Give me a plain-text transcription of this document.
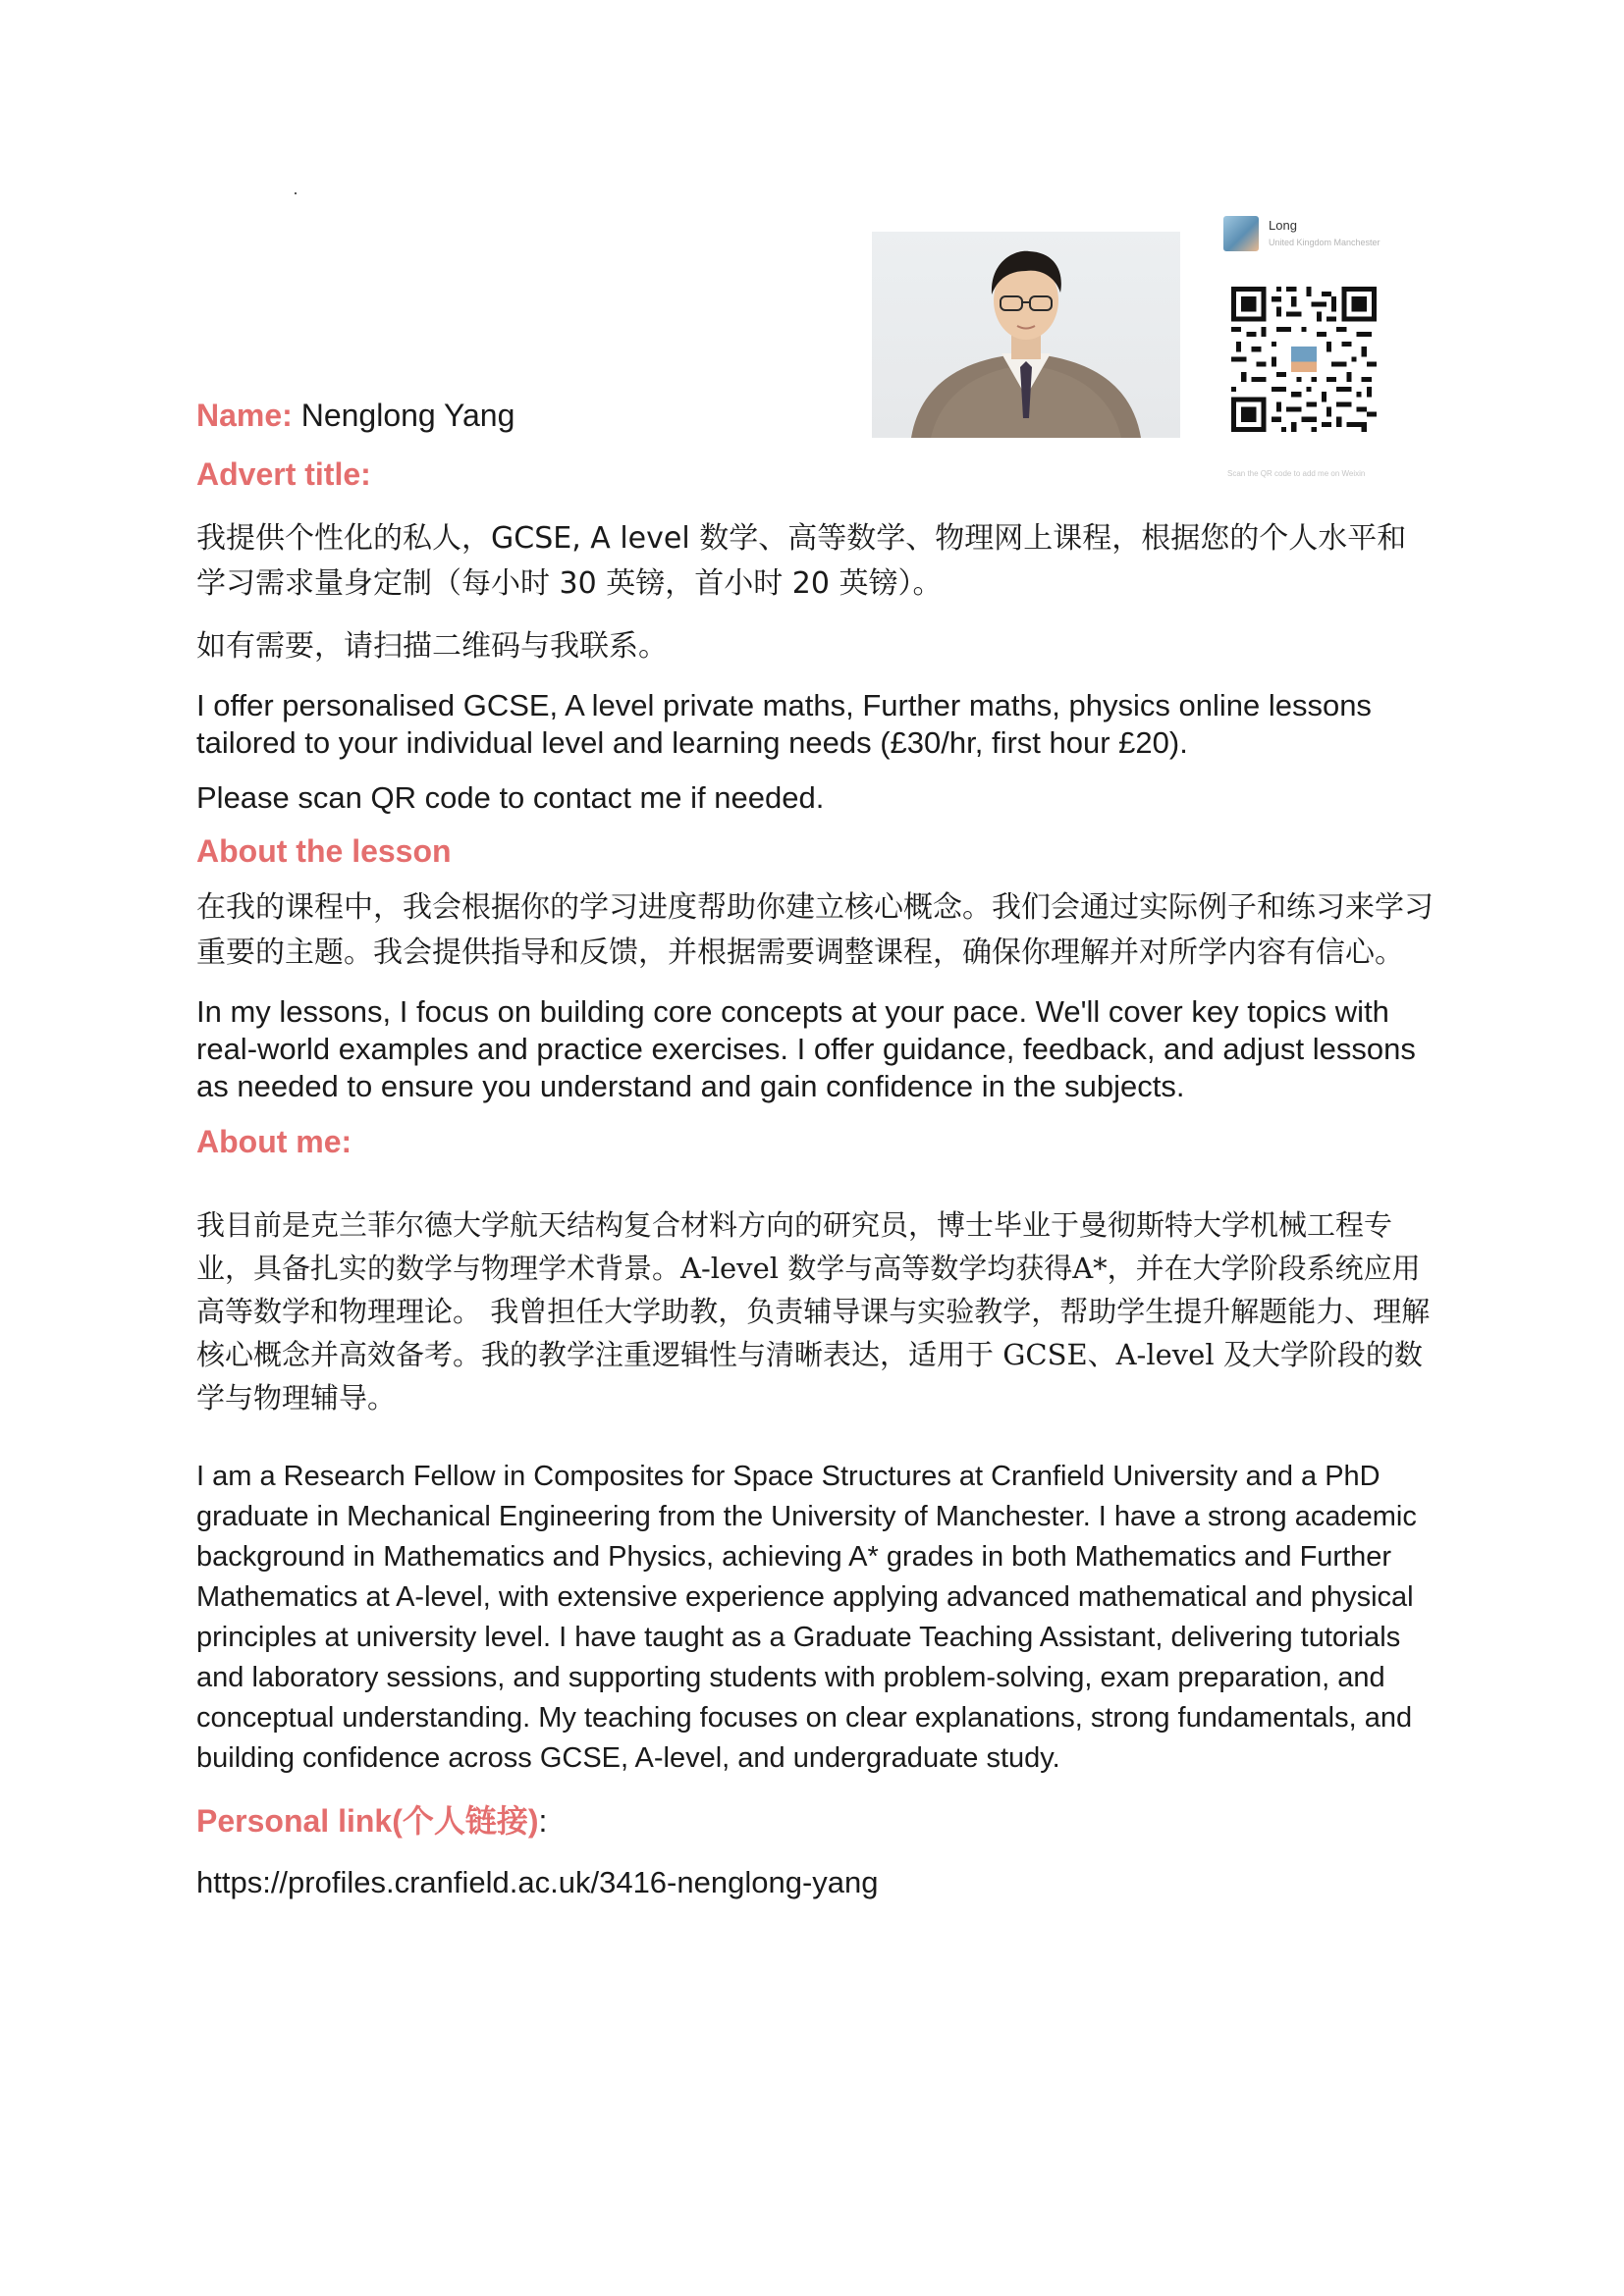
Long
United Kingdom Manchester
Scan the QR code to add me on Weixin

Name: Nenglong Yang

Advert title:

我提供个性化的私人，GCSE, A level 数学、高等数学、物理网上课程，根据您的个人水平和学习需求量身定制（每小时 30 英镑，首小时 20 英镑）。

如有需要，请扫描二维码与我联系。

I offer personalised GCSE, A level private maths, Further maths, physics online lessons tailored to your individual level and learning needs (£30/hr, first hour £20).

Please scan QR code to contact me if needed.

About the lesson

在我的课程中，我会根据你的学习进度帮助你建立核心概念。我们会通过实际例子和练习来学习重要的主题。我会提供指导和反馈，并根据需要调整课程，确保你理解并对所学内容有信心。

In my lessons, I focus on building core concepts at your pace. We'll cover key topics with real-world examples and practice exercises. I offer guidance, feedback, and adjust lessons as needed to ensure you understand and gain confidence in the subjects.

About me:

我目前是克兰菲尔德大学航天结构复合材料方向的研究员，博士毕业于曼彻斯特大学机械工程专业，具备扎实的数学与物理学术背景。A-level 数学与高等数学均获得A*，并在大学阶段系统应用高等数学和物理理论。 我曾担任大学助教，负责辅导课与实验教学，帮助学生提升解题能力、理解核心概念并高效备考。我的教学注重逻辑性与清晰表达，适用于 GCSE、A-level 及大学阶段的数学与物理辅导。

I am a Research Fellow in Composites for Space Structures at Cranfield University and a PhD graduate in Mechanical Engineering from the University of Manchester. I have a strong academic background in Mathematics and Physics, achieving A* grades in both Mathematics and Further Mathematics at A-level, with extensive experience applying advanced mathematical and physical principles at university level. I have taught as a Graduate Teaching Assistant, delivering tutorials and laboratory sessions, and supporting students with problem-solving, exam preparation, and conceptual understanding. My teaching focuses on clear explanations, strong fundamentals, and building confidence across GCSE, A-level, and undergraduate study.

Personal link(个人链接):

https://profiles.cranfield.ac.uk/3416-nenglong-yang
